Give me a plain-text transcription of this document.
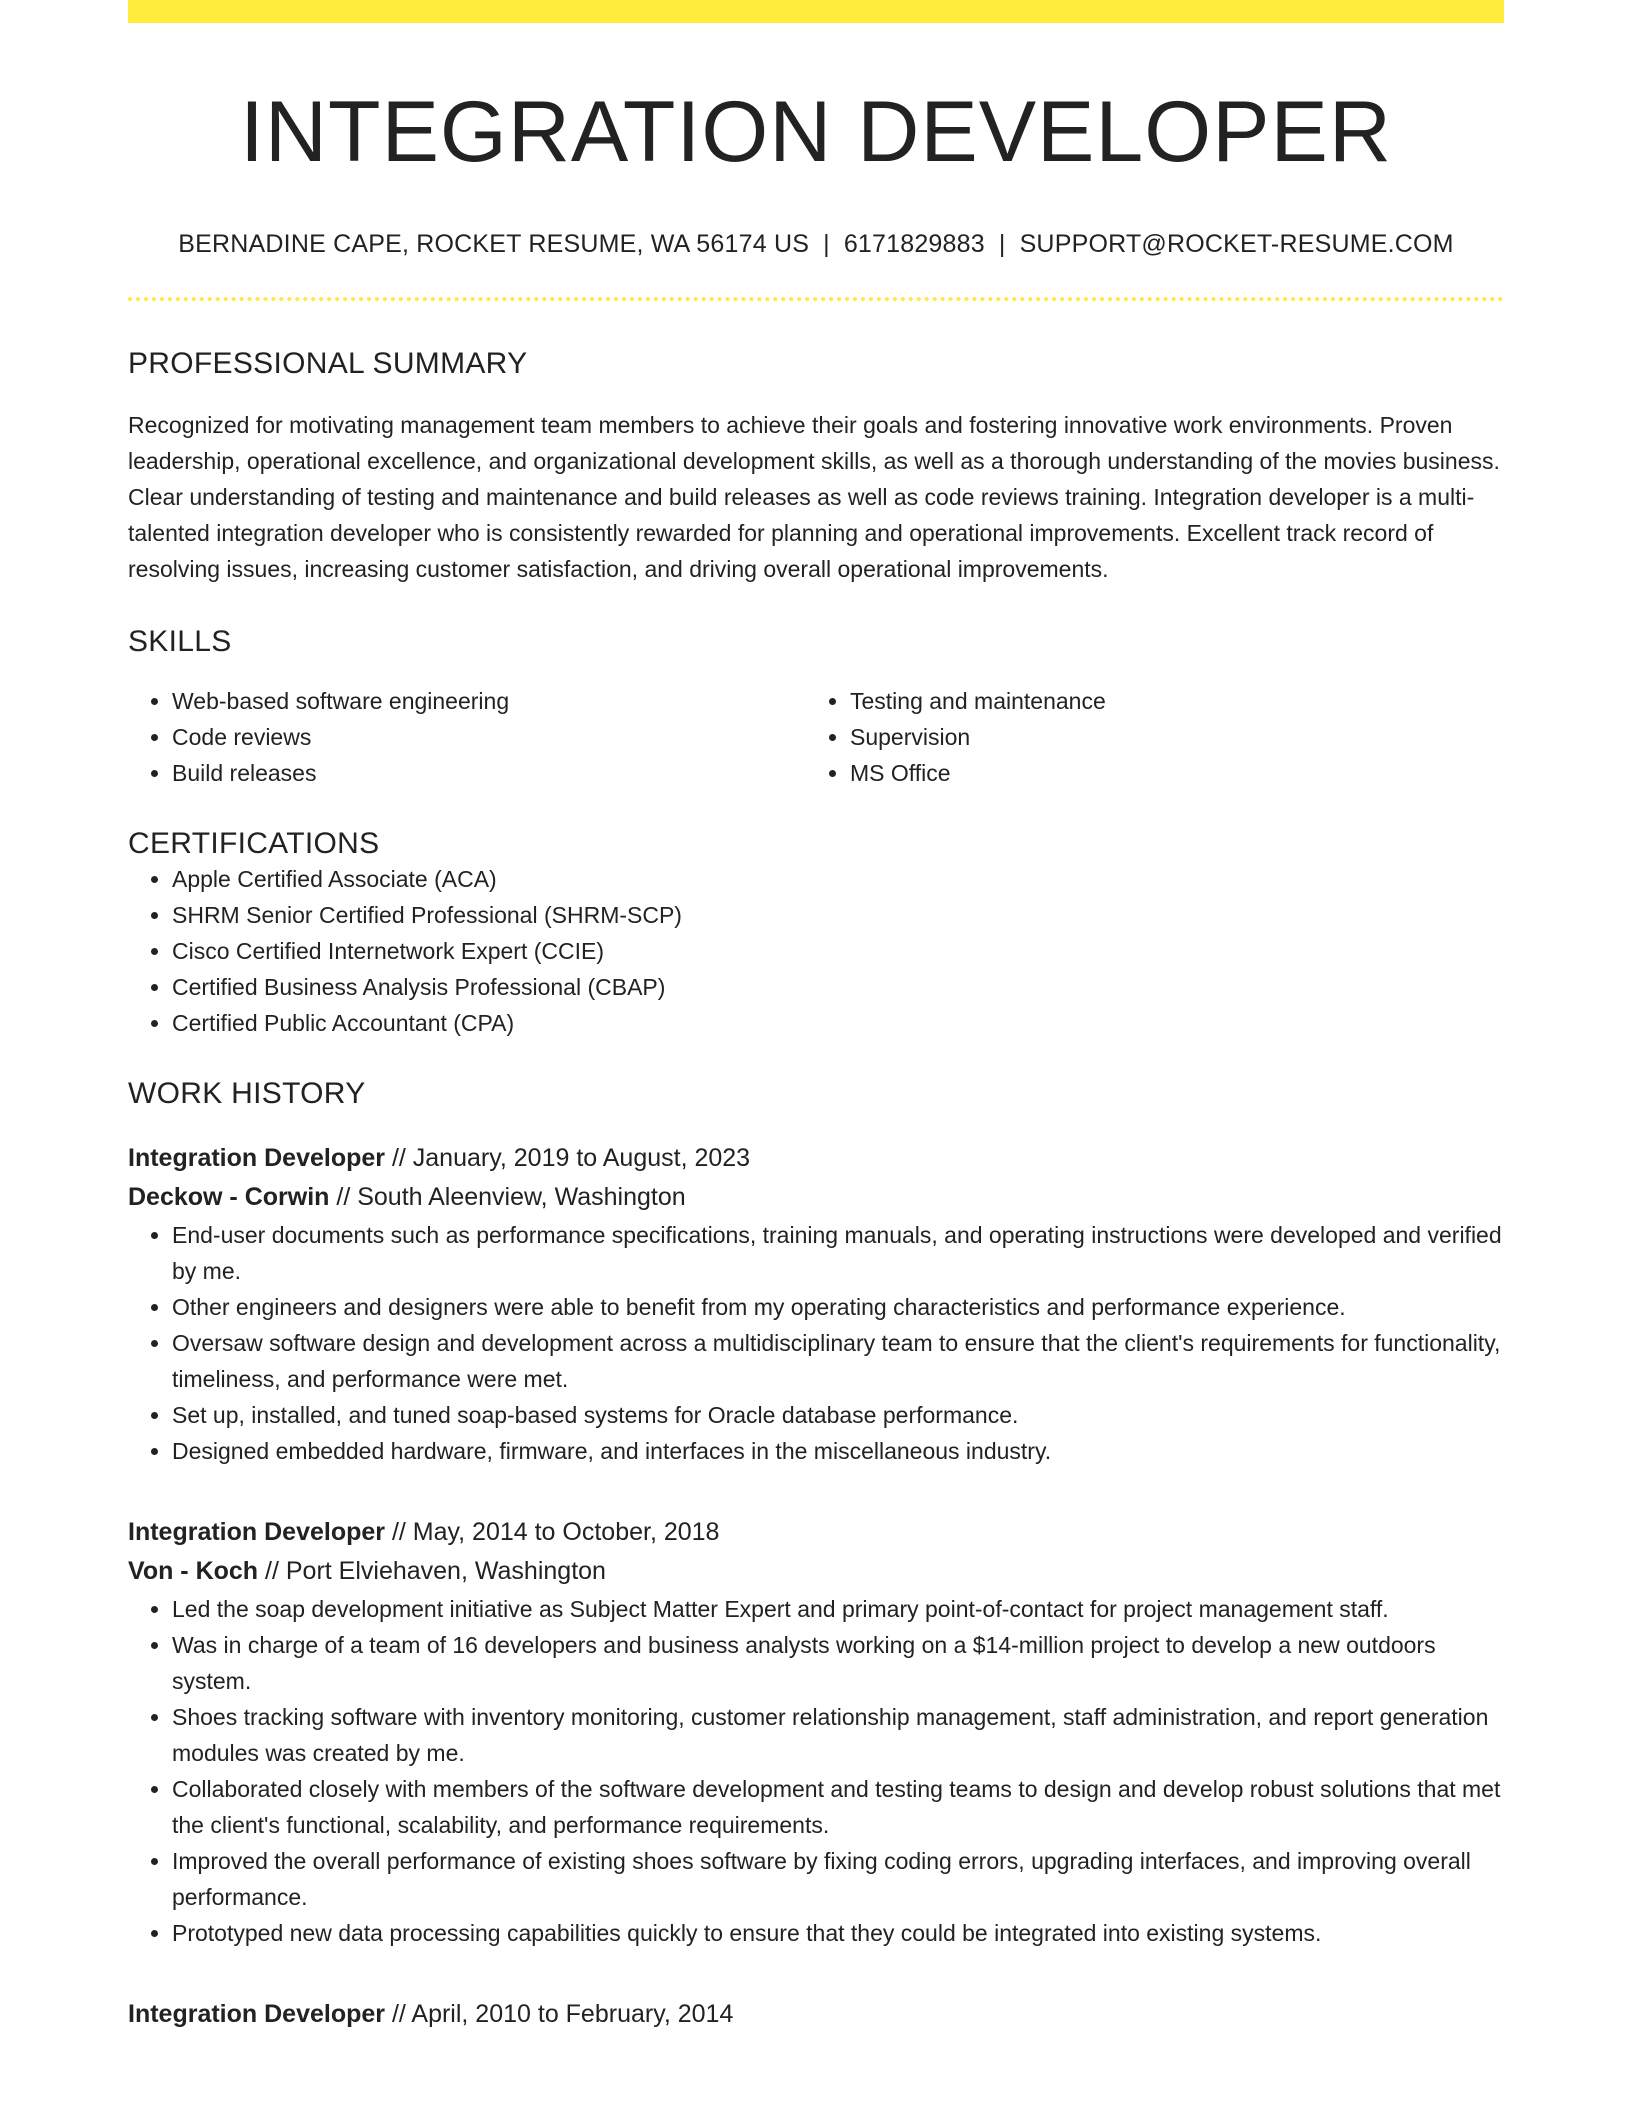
INTEGRATION DEVELOPER
BERNADINE CAPE, ROCKET RESUME, WA 56174 US | 6171829883 | SUPPORT@ROCKET-RESUME.COM
PROFESSIONAL SUMMARY
Recognized for motivating management team members to achieve their goals and fostering innovative work environments. Proven leadership, operational excellence, and organizational development skills, as well as a thorough understanding of the movies business. Clear understanding of testing and maintenance and build releases as well as code reviews training. Integration developer is a multi-talented integration developer who is consistently rewarded for planning and operational improvements. Excellent track record of resolving issues, increasing customer satisfaction, and driving overall operational improvements.
SKILLS
• Web-based software engineering
• Code reviews
• Build releases
• Testing and maintenance
• Supervision
• MS Office
CERTIFICATIONS
• Apple Certified Associate (ACA)
• SHRM Senior Certified Professional (SHRM-SCP)
• Cisco Certified Internetwork Expert (CCIE)
• Certified Business Analysis Professional (CBAP)
• Certified Public Accountant (CPA)
WORK HISTORY
Integration Developer // January, 2019 to August, 2023
Deckow - Corwin // South Aleenview, Washington
• End-user documents such as performance specifications, training manuals, and operating instructions were developed and verified by me.
• Other engineers and designers were able to benefit from my operating characteristics and performance experience.
• Oversaw software design and development across a multidisciplinary team to ensure that the client's requirements for functionality, timeliness, and performance were met.
• Set up, installed, and tuned soap-based systems for Oracle database performance.
• Designed embedded hardware, firmware, and interfaces in the miscellaneous industry.
Integration Developer // May, 2014 to October, 2018
Von - Koch // Port Elviehaven, Washington
• Led the soap development initiative as Subject Matter Expert and primary point-of-contact for project management staff.
• Was in charge of a team of 16 developers and business analysts working on a $14-million project to develop a new outdoors system.
• Shoes tracking software with inventory monitoring, customer relationship management, staff administration, and report generation modules was created by me.
• Collaborated closely with members of the software development and testing teams to design and develop robust solutions that met the client's functional, scalability, and performance requirements.
• Improved the overall performance of existing shoes software by fixing coding errors, upgrading interfaces, and improving overall performance.
• Prototyped new data processing capabilities quickly to ensure that they could be integrated into existing systems.
Integration Developer // April, 2010 to February, 2014
